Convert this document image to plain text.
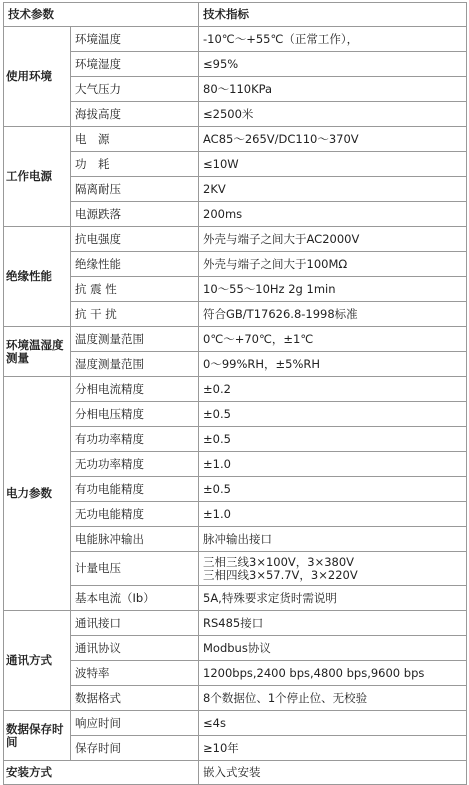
技术参数		技术指标
使用环境	环境温度	-10℃～+55℃（正常工作），
	环境湿度	≤95%
	大气压力	80～110KPa
	海拔高度	≤2500米
工作电源	电　源	AC85～265V/DC110～370V
	功　耗	≤10W
	隔离耐压	2KV
	电源跌落	200ms
绝缘性能	抗电强度	外壳与端子之间大于AC2000V
	绝缘性能	外壳与端子之间大于100MΩ
	抗 震 性	10～55～10Hz 2g 1min
	抗 干 扰	符合GB/T17626.8-1998标准
环境温湿度测量	温度测量范围	0℃～+70℃，±1℃
	湿度测量范围	0～99%RH，±5%RH
电力参数	分相电流精度	±0.2
	分相电压精度	±0.5
	有功功率精度	±0.5
	无功功率精度	±1.0
	有功电能精度	±0.5
	无功电能精度	±1.0
	电能脉冲输出	脉冲输出接口
	计量电压	三相三线3×100V，3×380V
三相四线3×57.7V，3×220V

	基本电流（Ib）	5A,特殊要求定货时需说明
通讯方式	通讯接口	RS485接口
	通讯协议	Modbus协议
	波特率	1200bps,2400 bps,4800 bps,9600 bps
	数据格式	8个数据位、1个停止位、无校验
数据保存时间	响应时间	≤4s
	保存时间	≥10年
安装方式		嵌入式安装
